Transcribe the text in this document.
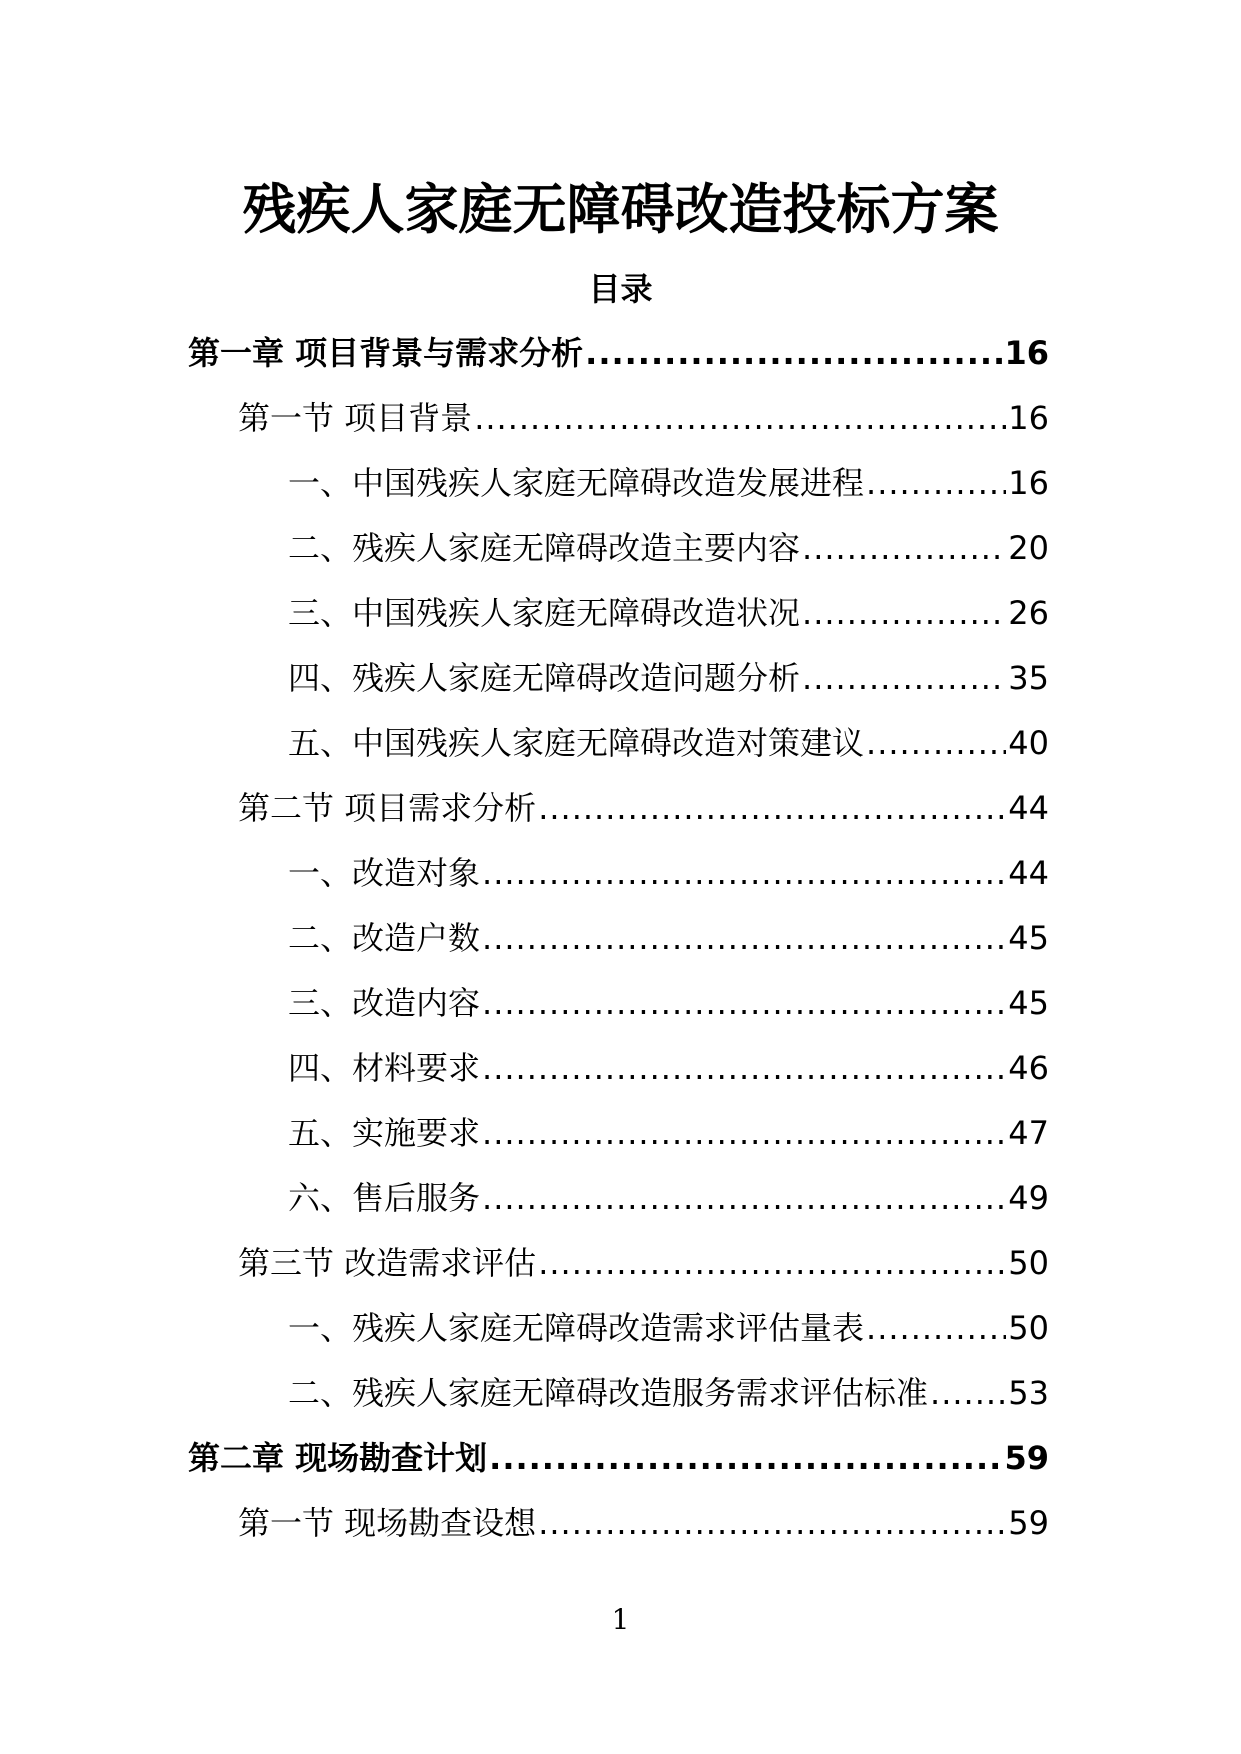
残疾人家庭无障碍改造投标方案
目录
第一章 项目背景与需求分析 .....	16
第一节 项目背景 .....	16
一、中国残疾人家庭无障碍改造发展进程 .....	16
二、残疾人家庭无障碍改造主要内容 .....	20
三、中国残疾人家庭无障碍改造状况 .....	26
四、残疾人家庭无障碍改造问题分析 .....	35
五、中国残疾人家庭无障碍改造对策建议 .....	40
第二节 项目需求分析 .....	44
一、改造对象 .....	44
二、改造户数 .....	45
三、改造内容 .....	45
四、材料要求 .....	46
五、实施要求 .....	47
六、售后服务 .....	49
第三节 改造需求评估 .....	50
一、残疾人家庭无障碍改造需求评估量表 .....	50
二、残疾人家庭无障碍改造服务需求评估标准 .....	53
第二章 现场勘查计划 .....	59
第一节 现场勘查设想 .....	59
1
